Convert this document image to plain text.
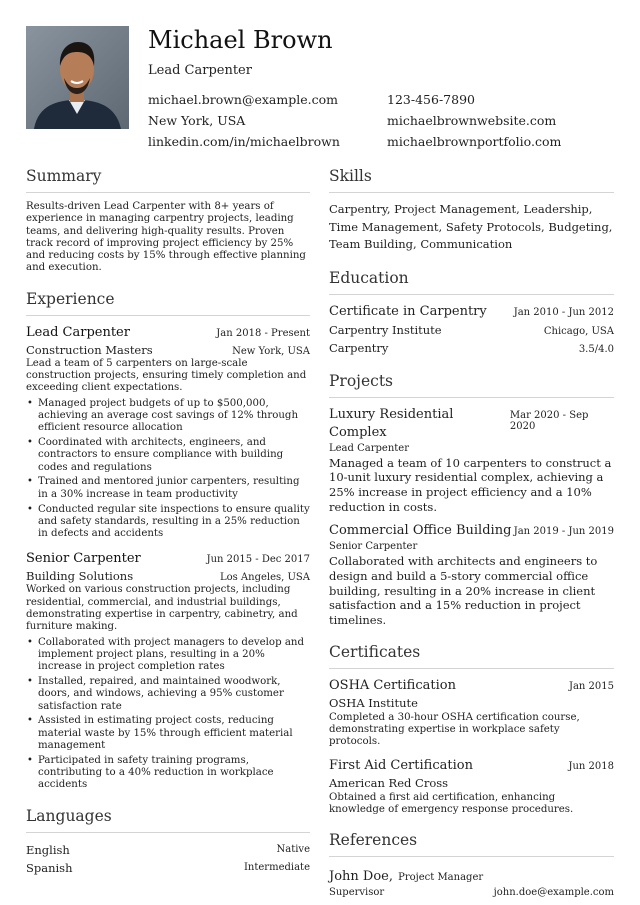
Michael Brown
Lead Carpenter
michael.brown@example.com	123-456-7890
New York, USA	michaelbrownwebsite.com
linkedin.com/in/michaelbrown	michaelbrownportfolio.com
Summary
Results-driven Lead Carpenter with 8+ years of experience in managing carpentry projects, leading teams, and delivering high-quality results. Proven track record of improving project efficiency by 25% and reducing costs by 15% through effective planning and execution.
Experience
Lead Carpenter	Jan 2018 - Present
Construction Masters	New York, USA
Lead a team of 5 carpenters on large-scale construction projects, ensuring timely completion and exceeding client expectations.
• Managed project budgets of up to $500,000, achieving an average cost savings of 12% through efficient resource allocation
• Coordinated with architects, engineers, and contractors to ensure compliance with building codes and regulations
• Trained and mentored junior carpenters, resulting in a 30% increase in team productivity
• Conducted regular site inspections to ensure quality and safety standards, resulting in a 25% reduction in defects and accidents
Senior Carpenter	Jun 2015 - Dec 2017
Building Solutions	Los Angeles, USA
Worked on various construction projects, including residential, commercial, and industrial buildings, demonstrating expertise in carpentry, cabinetry, and furniture making.
• Collaborated with project managers to develop and implement project plans, resulting in a 20% increase in project completion rates
• Installed, repaired, and maintained woodwork, doors, and windows, achieving a 95% customer satisfaction rate
• Assisted in estimating project costs, reducing material waste by 15% through efficient material management
• Participated in safety training programs, contributing to a 40% reduction in workplace accidents
Languages
English	Native
Spanish	Intermediate
Skills
Carpentry, Project Management, Leadership, Time Management, Safety Protocols, Budgeting, Team Building, Communication
Education
Certificate in Carpentry	Jan 2010 - Jun 2012
Carpentry Institute	Chicago, USA
Carpentry	3.5/4.0
Projects
Luxury Residential Complex
Mar 2020 - Sep 2020
Lead Carpenter
Managed a team of 10 carpenters to construct a 10-unit luxury residential complex, achieving a 25% increase in project efficiency and a 10% reduction in costs.
Commercial Office Building Jan 2019 - Jun 2019
Senior Carpenter
Collaborated with architects and engineers to design and build a 5-story commercial office building, resulting in a 20% increase in client satisfaction and a 15% reduction in project timelines.
Certificates
OSHA Certification	Jan 2015
OSHA Institute
Completed a 30-hour OSHA certification course, demonstrating expertise in workplace safety protocols.
First Aid Certification	Jun 2018
American Red Cross
Obtained a first aid certification, enhancing knowledge of emergency response procedures.
References
John Doe, Project Manager
Supervisor	john.doe@example.com
